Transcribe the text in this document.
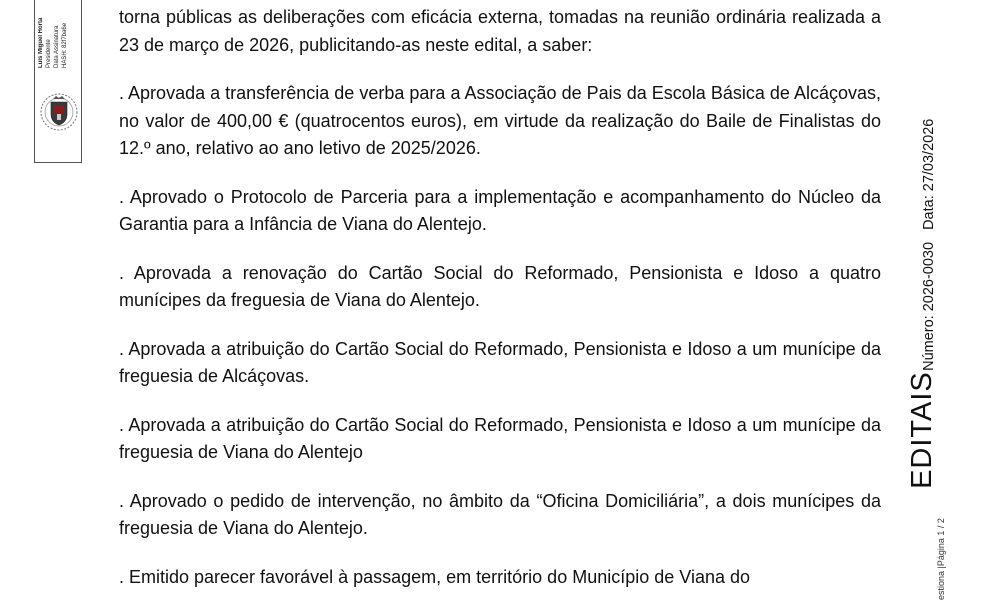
Luís Miguel Horta Presidente Data Assinatura HASH: 82f7ba6e

torna públicas as deliberações com eficácia externa, tomadas na reunião ordinária realizada a 23 de março de 2026, publicitando-as neste edital, a saber:

. Aprovada a transferência de verba para a Associação de Pais da Escola Básica de Alcáçovas, no valor de 400,00 € (quatrocentos euros), em virtude da realização do Baile de Finalistas do 12.º ano, relativo ao ano letivo de 2025/2026.

. Aprovado o Protocolo de Parceria para a implementação e acompanhamento do Núcleo da Garantia para a Infância de Viana do Alentejo.

. Aprovada a renovação do Cartão Social do Reformado, Pensionista e Idoso a quatro munícipes da freguesia de Viana do Alentejo.

. Aprovada a atribuição do Cartão Social do Reformado, Pensionista e Idoso a um munícipe da freguesia de Alcáçovas.

. Aprovada a atribuição do Cartão Social do Reformado, Pensionista e Idoso a um munícipe da freguesia de Viana do Alentejo

. Aprovado o pedido de intervenção, no âmbito da “Oficina Domiciliária”, a dois munícipes da freguesia de Viana do Alentejo.

. Emitido parecer favorável à passagem, em território do Município de Viana do

EDITAIS
Número: 2026-0030Data: 27/03/2026
estiona |Página 1 / 2
